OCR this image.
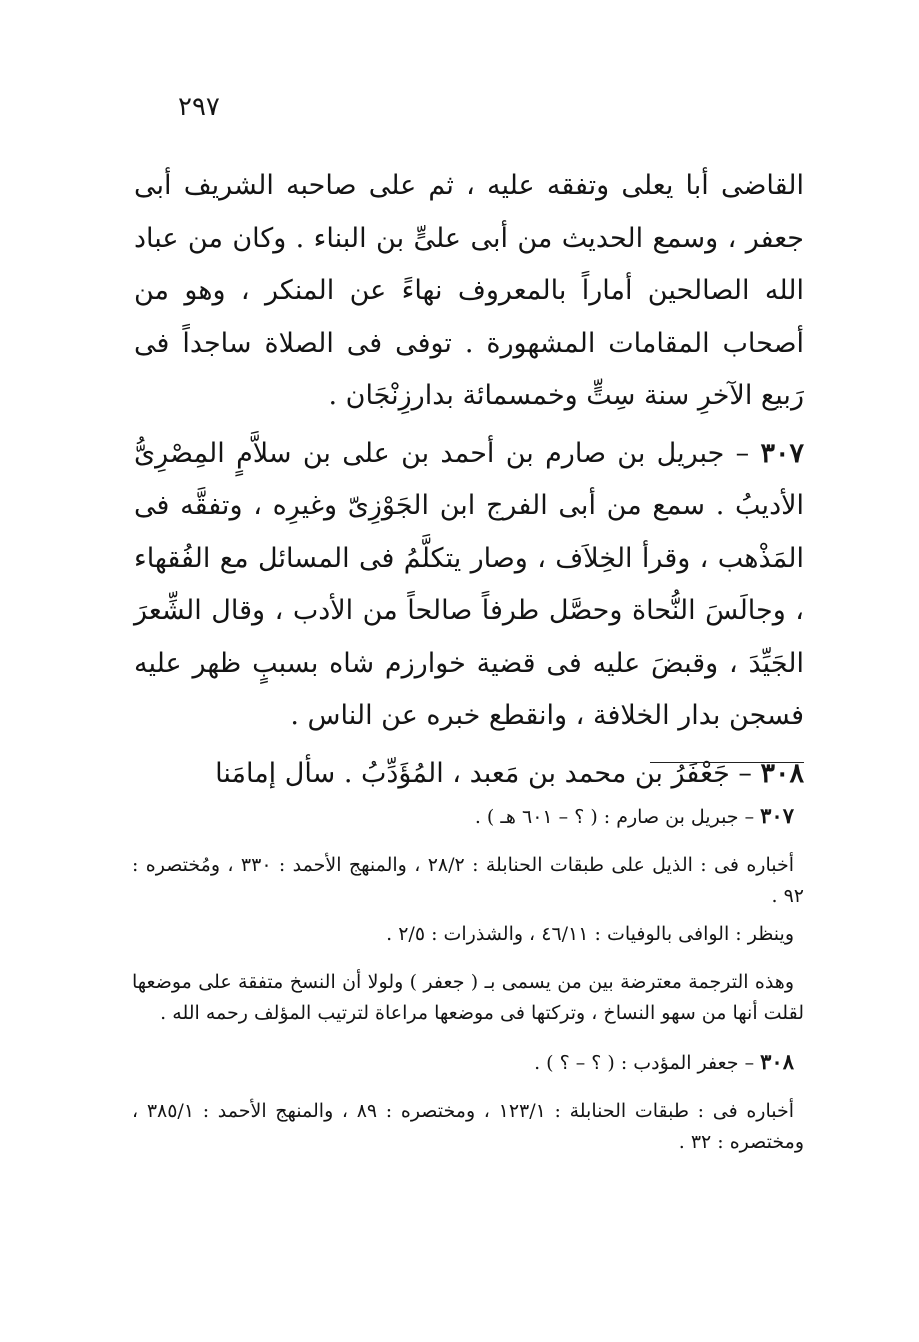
٢٩٧

القاضى أبا يعلى وتفقه عليه ، ثم على صاحبه الشريف أبى جعفر ، وسمع الحديث من أبى علىٍّ بن البناء . وكان من عباد الله الصالحين أماراً بالمعروف نهاءً عن المنكر ، وهو من أصحاب المقامات المشهورة . توفى فى الصلاة ساجداً فى رَبيع الآخرِ سنة سِتٍّ وخمسمائة بدارزِنْجَان .

٣٠٧ – جبريل بن صارم بن أحمد بن على بن سلاَّمٍ المِصْرِىُّ الأديبُ . سمع من أبى الفرج ابن الجَوْزِىّ وغيرِه ، وتفقَّه فى المَذْهب ، وقرأ الخِلاَف ، وصار يتكلَّمُ فى المسائل مع الفُقهاء ، وجالَسَ النُّحاة وحصَّل طرفاً صالحاً من الأدب ، وقال الشِّعرَ الجَيِّدَ ، وقبضَ عليه فى قضية خوارزم شاه بسببٍ ظهر عليه فسجن بدار الخلافة ، وانقطع خبره عن الناس .

٣٠٨ – جَعْفَرُ بن محمد بن مَعبد ، المُؤَدِّبُ . سأل إمامَنا

٣٠٧ – جبريل بن صارم : ( ؟ – ٦٠١ هـ ) .

أخباره فى : الذيل على طبقات الحنابلة : ٢٨/٢ ، والمنهج الأحمد : ٣٣٠ ، ومُختصره : ٩٢ .

وينظر : الوافى بالوفيات : ٤٦/١١ ، والشذرات : ٢/٥ .

وهذه الترجمة معترضة بين من يسمى بـ ( جعفر ) ولولا أن النسخ متفقة على موضعها لقلت أنها من سهو النساخ ، وتركتها فى موضعها مراعاة لترتيب المؤلف رحمه الله .

٣٠٨ – جعفر المؤدب : ( ؟ – ؟ ) .

أخباره فى : طبقات الحنابلة : ١٢٣/١ ، ومختصره : ٨٩ ، والمنهج الأحمد : ٣٨٥/١ ، ومختصره : ٣٢ .
